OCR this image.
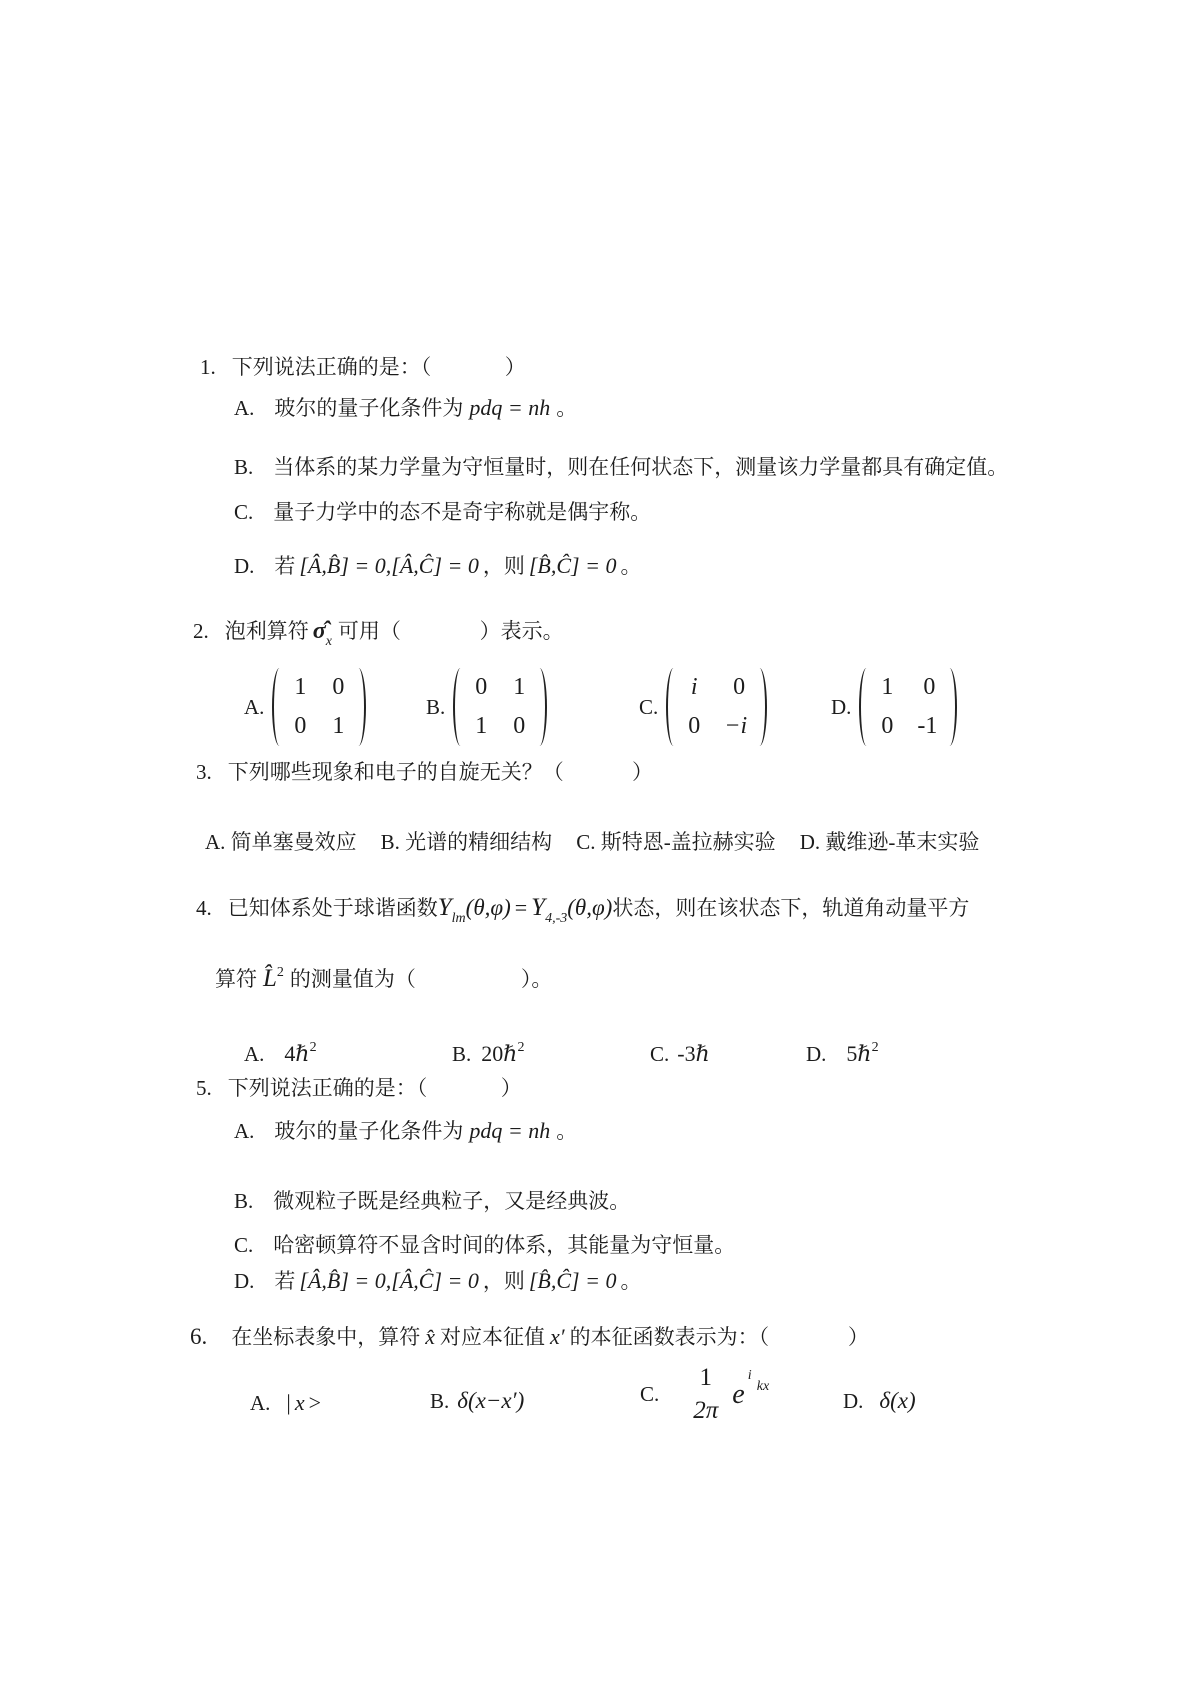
1. 下列说法正确的是：（              ）
A. 玻尔的量子化条件为 pdq = nh 。
B. 当体系的某力学量为守恒量时，则在任何状态下，测量该力学量都具有确定值。
C. 量子力学中的态不是奇宇称就是偶宇称。
D. 若 [Â,B̂] = 0,[Â,Ĉ] = 0 ，则 [B̂,Ĉ] = 0 。
2. 泡利算符 $\sigmâ_x$ 可用（               ）表示。
A.
1 0
0 1
B.
0 1
1 0
C.
i 0
0 −i
D.
1 0
0 -1
3. 下列哪些现象和电子的自旋无关？（             ）
A. 简单塞曼效应 B. 光谱的精细结构 C. 斯特恩-盖拉赫实验 D. 戴维逊-革末实验
4. 已知体系处于球谐函数$Y_{lm}(\theta,\varphi) = Y_{4,-3}(\theta,\varphi)$状态，则在该状态下，轨道角动量平方
算符 L̂$^2$ 的测量值为（                    ）。
A. 4ℏ$^2$	B. 20ℏ$^2$	C. -3ℏ	D. 5ℏ$^2$
5. 下列说法正确的是：（              ）
A. 玻尔的量子化条件为 pdq = nh 。
B. 微观粒子既是经典粒子，又是经典波。
C. 哈密顿算符不显含时间的体系，其能量为守恒量。
D. 若 [Â,B̂] = 0,[Â,Ĉ] = 0 ，则 [B̂,Ĉ] = 0 。
6. 在坐标表象中，算符 x̂ 对应本征值 x′ 的本征函数表示为：（               ）
A. | x >	B. δ(x−x′)	C.
1
2π
e
i
kx
D. δ(x)
